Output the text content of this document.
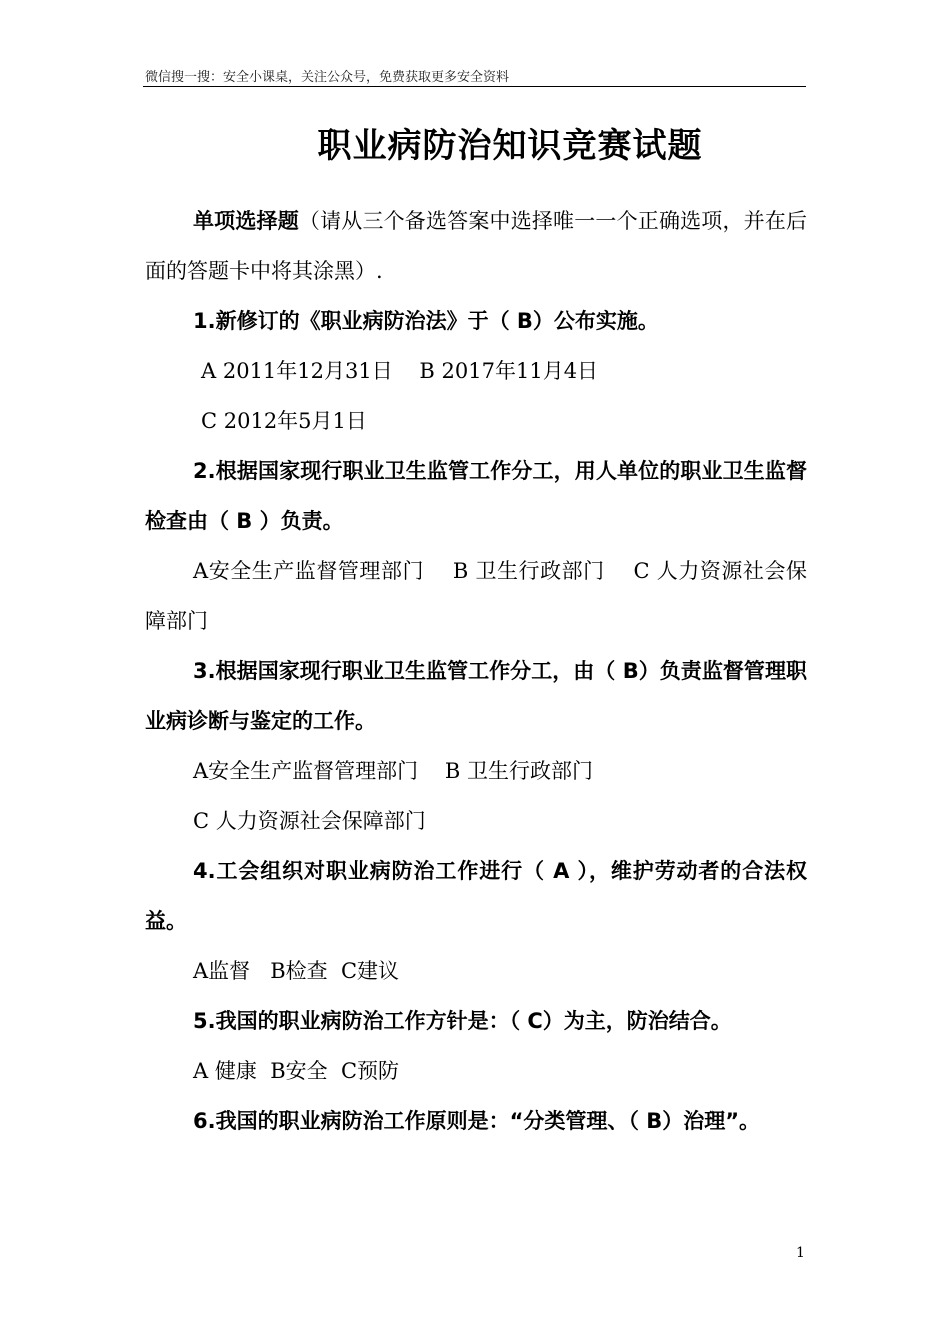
微信搜一搜：安全小课桌，关注公众号，免费获取更多安全资料
职业病防治知识竞赛试题

单项选择题（请从三个备选答案中选择唯一一个正确选项，并在后面的答题卡中将其涂黑）.

1.新修订的《职业病防治法》于（ B）公布实施。

A 2011年12月31日    B 2017年11月4日

C 2012年5月1日

2.根据国家现行职业卫生监管工作分工，用人单位的职业卫生监督检查由（ B ）负责。

A安全生产监督管理部门    B 卫生行政部门    C 人力资源社会保障部门

3.根据国家现行职业卫生监管工作分工，由（ B）负责监督管理职业病诊断与鉴定的工作。

A安全生产监督管理部门    B 卫生行政部门

C 人力资源社会保障部门

4.工会组织对职业病防治工作进行（ A ），维护劳动者的合法权益。

A监督   B检查  C建议

5.我国的职业病防治工作方针是：（ C）为主，防治结合。

A 健康  B安全  C预防

6.我国的职业病防治工作原则是：“分类管理、（ B）治理”。

1
